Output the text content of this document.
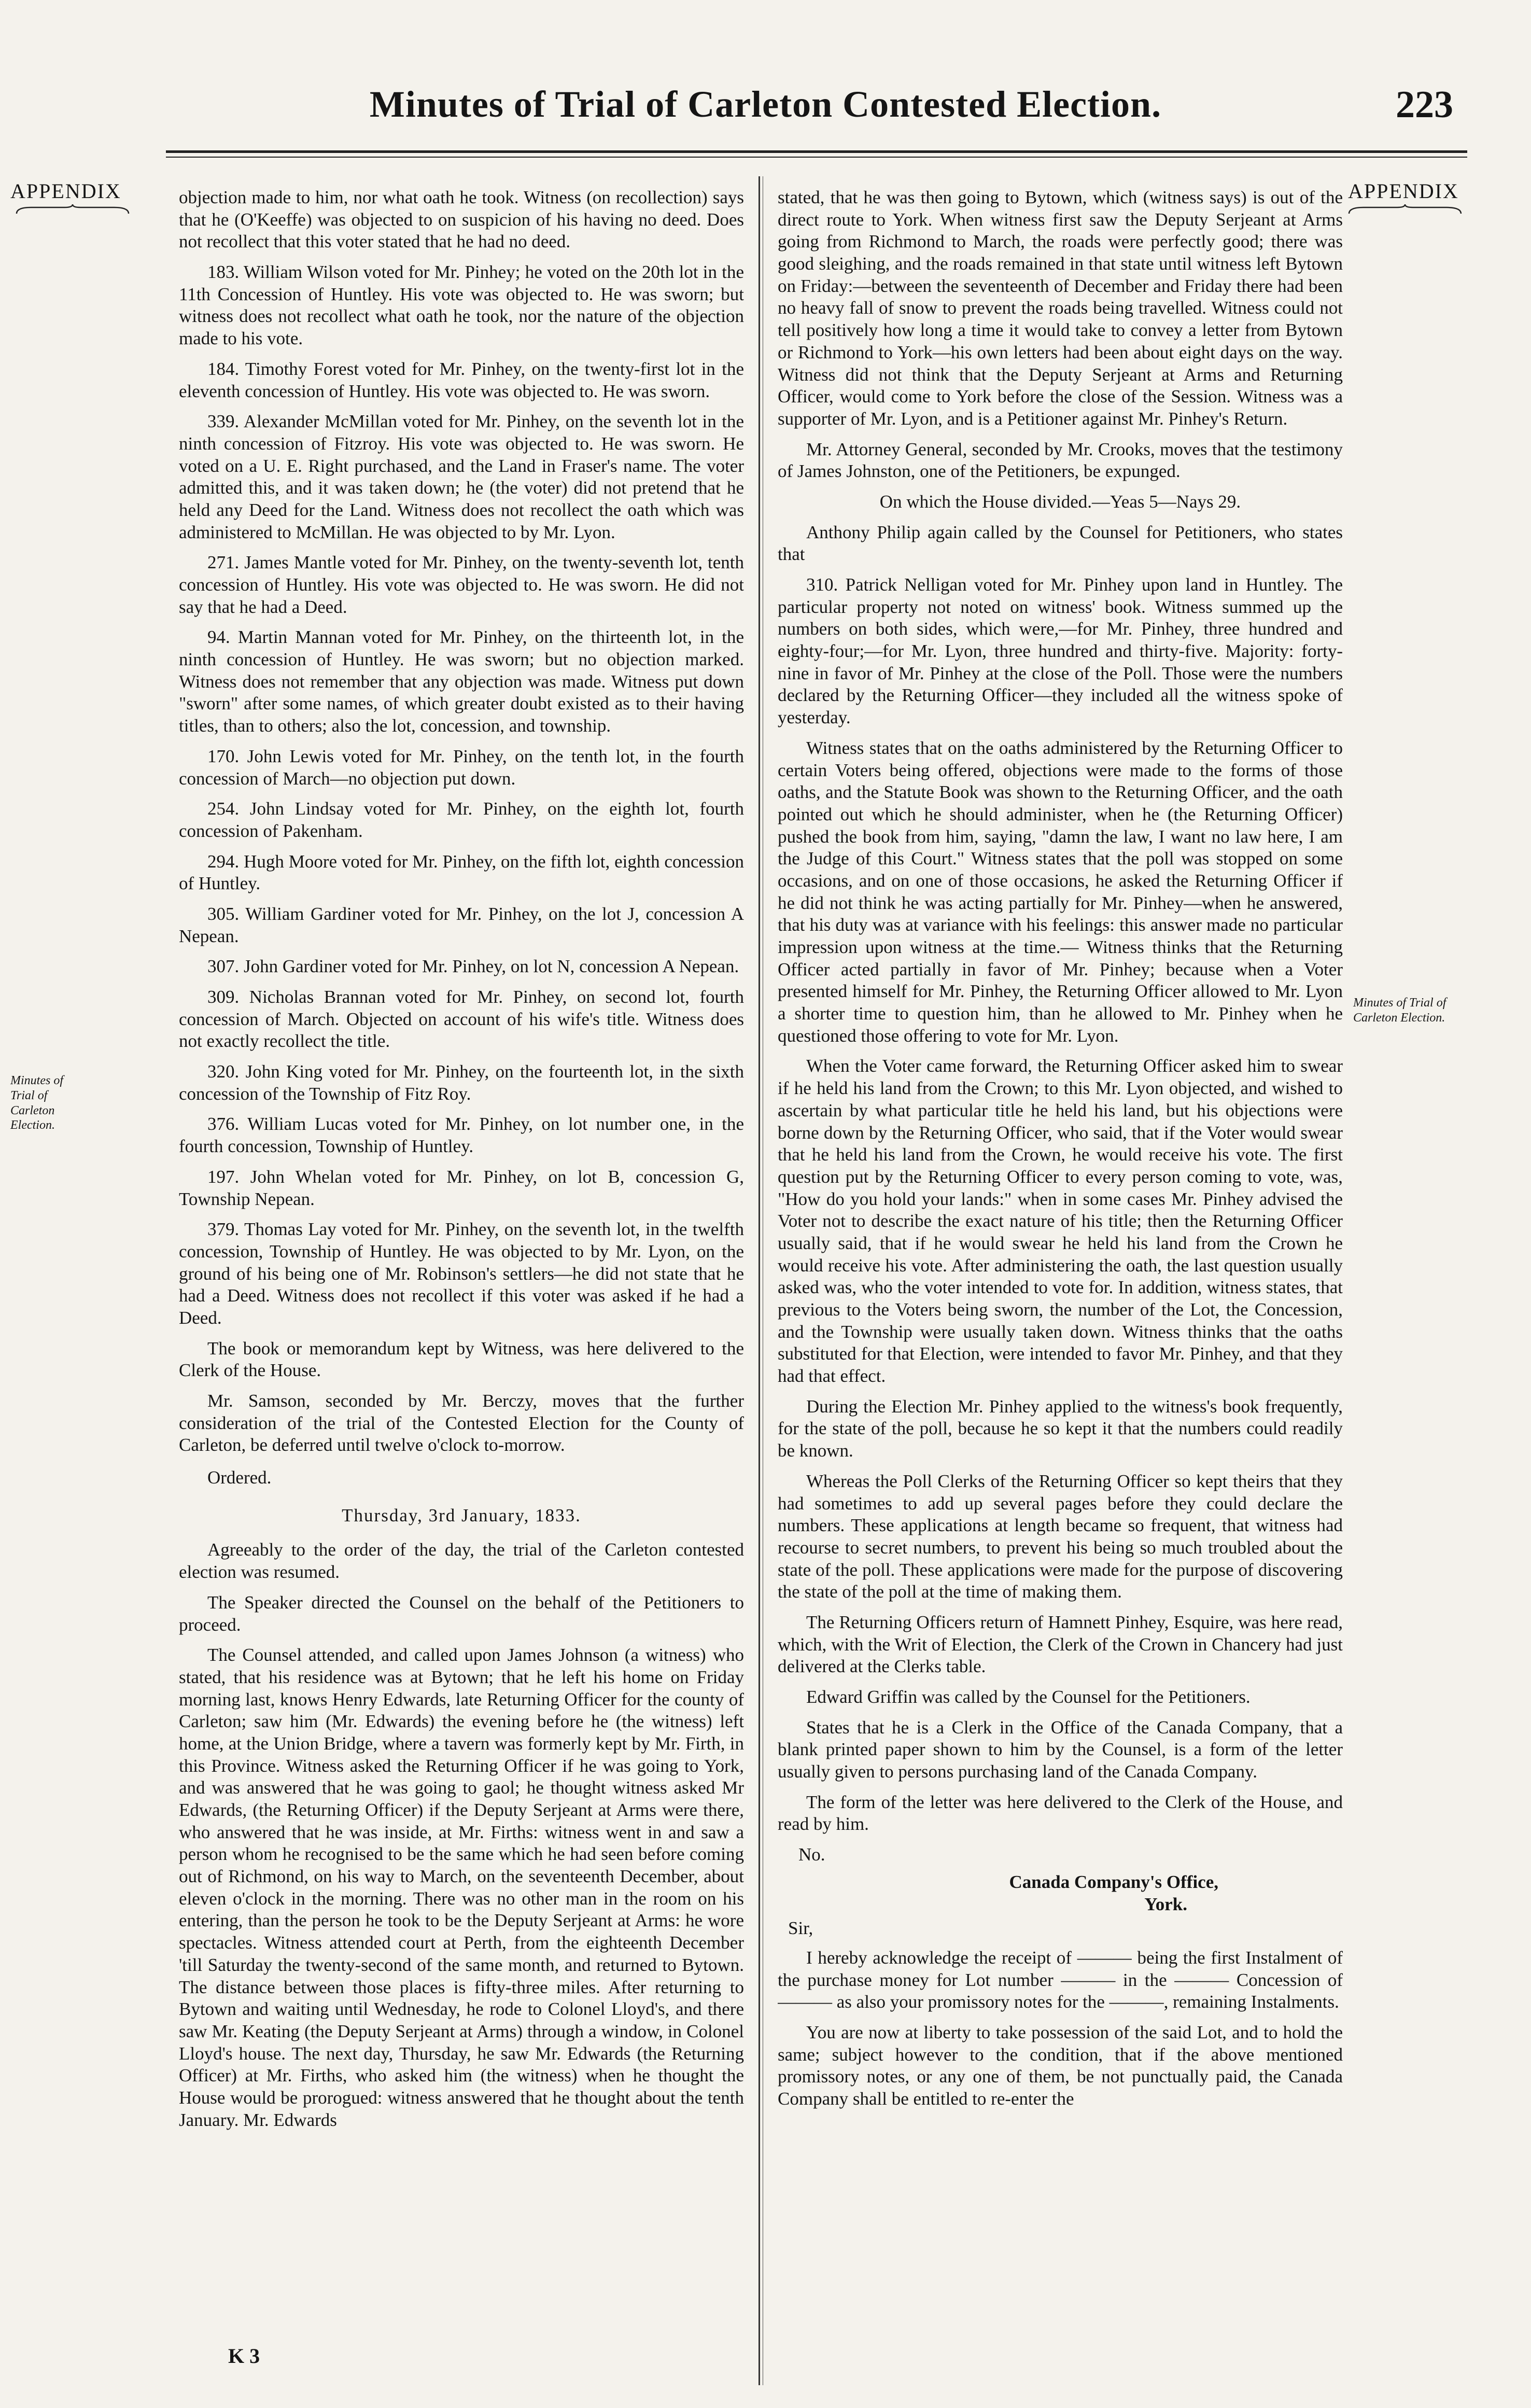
Minutes of Trial of Carleton Contested Election.	223
APPENDIX	APPENDIX
Minutes of Trial of Carleton Election.
Minutes of Trial of Carleton Election.

objection made to him, nor what oath he took. Witness (on recollection) says that he (O'Keeffe) was objected to on suspicion of his having no deed. Does not recollect that this voter stated that he had no deed.

183. William Wilson voted for Mr. Pinhey; he voted on the 20th lot in the 11th Concession of Huntley. His vote was objected to. He was sworn; but witness does not recollect what oath he took, nor the nature of the objection made to his vote.

184. Timothy Forest voted for Mr. Pinhey, on the twenty-first lot in the eleventh concession of Huntley. His vote was objected to. He was sworn.

339. Alexander McMillan voted for Mr. Pinhey, on the seventh lot in the ninth concession of Fitzroy. His vote was objected to. He was sworn. He voted on a U. E. Right purchased, and the Land in Fraser's name. The voter admitted this, and it was taken down; he (the voter) did not pretend that he held any Deed for the Land. Witness does not recollect the oath which was administered to McMillan. He was objected to by Mr. Lyon.

271. James Mantle voted for Mr. Pinhey, on the twenty-seventh lot, tenth concession of Huntley. His vote was objected to. He was sworn. He did not say that he had a Deed.

94. Martin Mannan voted for Mr. Pinhey, on the thirteenth lot, in the ninth concession of Huntley. He was sworn; but no objection marked. Witness does not remember that any objection was made. Witness put down "sworn" after some names, of which greater doubt existed as to their having titles, than to others; also the lot, concession, and township.

170. John Lewis voted for Mr. Pinhey, on the tenth lot, in the fourth concession of March—no objection put down.

254. John Lindsay voted for Mr. Pinhey, on the eighth lot, fourth concession of Pakenham.

294. Hugh Moore voted for Mr. Pinhey, on the fifth lot, eighth concession of Huntley.

305. William Gardiner voted for Mr. Pinhey, on the lot J, concession A Nepean.

307. John Gardiner voted for Mr. Pinhey, on lot N, concession A Nepean.

309. Nicholas Brannan voted for Mr. Pinhey, on second lot, fourth concession of March. Objected on account of his wife's title. Witness does not exactly recollect the title.

320. John King voted for Mr. Pinhey, on the fourteenth lot, in the sixth concession of the Township of Fitz Roy.

376. William Lucas voted for Mr. Pinhey, on lot number one, in the fourth concession, Township of Huntley.

197. John Whelan voted for Mr. Pinhey, on lot B, concession G, Township Nepean.

379. Thomas Lay voted for Mr. Pinhey, on the seventh lot, in the twelfth concession, Township of Huntley. He was objected to by Mr. Lyon, on the ground of his being one of Mr. Robinson's settlers—he did not state that he had a Deed. Witness does not recollect if this voter was asked if he had a Deed.

The book or memorandum kept by Witness, was here delivered to the Clerk of the House.

Mr. Samson, seconded by Mr. Berczy, moves that the further consideration of the trial of the Contested Election for the County of Carleton, be deferred until twelve o'clock to-morrow.

Ordered.

Thursday, 3rd January, 1833.

Agreeably to the order of the day, the trial of the Carleton contested election was resumed.

The Speaker directed the Counsel on the behalf of the Petitioners to proceed.

The Counsel attended, and called upon James Johnson (a witness) who stated, that his residence was at Bytown; that he left his home on Friday morning last, knows Henry Edwards, late Returning Officer for the county of Carleton; saw him (Mr. Edwards) the evening before he (the witness) left home, at the Union Bridge, where a tavern was formerly kept by Mr. Firth, in this Province. Witness asked the Returning Officer if he was going to York, and was answered that he was going to gaol; he thought witness asked Mr Edwards, (the Returning Officer) if the Deputy Serjeant at Arms were there, who answered that he was inside, at Mr. Firths: witness went in and saw a person whom he recognised to be the same which he had seen before coming out of Richmond, on his way to March, on the seventeenth December, about eleven o'clock in the morning. There was no other man in the room on his entering, than the person he took to be the Deputy Serjeant at Arms: he wore spectacles. Witness attended court at Perth, from the eighteenth December 'till Saturday the twenty-second of the same month, and returned to Bytown. The distance between those places is fifty-three miles. After returning to Bytown and waiting until Wednesday, he rode to Colonel Lloyd's, and there saw Mr. Keating (the Deputy Serjeant at Arms) through a window, in Colonel Lloyd's house. The next day, Thursday, he saw Mr. Edwards (the Returning Officer) at Mr. Firths, who asked him (the witness) when he thought the House would be prorogued: witness answered that he thought about the tenth January. Mr. Edwards

stated, that he was then going to Bytown, which (witness says) is out of the direct route to York. When witness first saw the Deputy Serjeant at Arms going from Richmond to March, the roads were perfectly good; there was good sleighing, and the roads remained in that state until witness left Bytown on Friday:—between the seventeenth of December and Friday there had been no heavy fall of snow to prevent the roads being travelled. Witness could not tell positively how long a time it would take to convey a letter from Bytown or Richmond to York—his own letters had been about eight days on the way. Witness did not think that the Deputy Serjeant at Arms and Returning Officer, would come to York before the close of the Session. Witness was a supporter of Mr. Lyon, and is a Petitioner against Mr. Pinhey's Return.

Mr. Attorney General, seconded by Mr. Crooks, moves that the testimony of James Johnston, one of the Petitioners, be expunged.

On which the House divided.—Yeas 5—Nays 29.

Anthony Philip again called by the Counsel for Petitioners, who states that

310. Patrick Nelligan voted for Mr. Pinhey upon land in Huntley. The particular property not noted on witness' book. Witness summed up the numbers on both sides, which were,—for Mr. Pinhey, three hundred and eighty-four;—for Mr. Lyon, three hundred and thirty-five. Majority: forty-nine in favor of Mr. Pinhey at the close of the Poll. Those were the numbers declared by the Returning Officer—they included all the witness spoke of yesterday.

Witness states that on the oaths administered by the Returning Officer to certain Voters being offered, objections were made to the forms of those oaths, and the Statute Book was shown to the Returning Officer, and the oath pointed out which he should administer, when he (the Returning Officer) pushed the book from him, saying, "damn the law, I want no law here, I am the Judge of this Court." Witness states that the poll was stopped on some occasions, and on one of those occasions, he asked the Returning Officer if he did not think he was acting partially for Mr. Pinhey—when he answered, that his duty was at variance with his feelings: this answer made no particular impression upon witness at the time.— Witness thinks that the Returning Officer acted partially in favor of Mr. Pinhey; because when a Voter presented himself for Mr. Pinhey, the Returning Officer allowed to Mr. Lyon a shorter time to question him, than he allowed to Mr. Pinhey when he questioned those offering to vote for Mr. Lyon.

When the Voter came forward, the Returning Officer asked him to swear if he held his land from the Crown; to this Mr. Lyon objected, and wished to ascertain by what particular title he held his land, but his objections were borne down by the Returning Officer, who said, that if the Voter would swear that he held his land from the Crown, he would receive his vote. The first question put by the Returning Officer to every person coming to vote, was, "How do you hold your lands:" when in some cases Mr. Pinhey advised the Voter not to describe the exact nature of his title; then the Returning Officer usually said, that if he would swear he held his land from the Crown he would receive his vote. After administering the oath, the last question usually asked was, who the voter intended to vote for. In addition, witness states, that previous to the Voters being sworn, the number of the Lot, the Concession, and the Township were usually taken down. Witness thinks that the oaths substituted for that Election, were intended to favor Mr. Pinhey, and that they had that effect.

During the Election Mr. Pinhey applied to the witness's book frequently, for the state of the poll, because he so kept it that the numbers could readily be known.

Whereas the Poll Clerks of the Returning Officer so kept theirs that they had sometimes to add up several pages before they could declare the numbers. These applications at length became so frequent, that witness had recourse to secret numbers, to prevent his being so much troubled about the state of the poll. These applications were made for the purpose of discovering the state of the poll at the time of making them.

The Returning Officers return of Hamnett Pinhey, Esquire, was here read, which, with the Writ of Election, the Clerk of the Crown in Chancery had just delivered at the Clerks table.

Edward Griffin was called by the Counsel for the Petitioners.

States that he is a Clerk in the Office of the Canada Company, that a blank printed paper shown to him by the Counsel, is a form of the letter usually given to persons purchasing land of the Canada Company.

The form of the letter was here delivered to the Clerk of the House, and read by him.

No.

Canada Company's Office,

York.

Sir,

I hereby acknowledge the receipt of ——— being the first Instalment of the purchase money for Lot number ——— in the ——— Concession of ——— as also your promissory notes for the ———, remaining Instalments.

You are now at liberty to take possession of the said Lot, and to hold the same; subject however to the condition, that if the above mentioned promissory notes, or any one of them, be not punctually paid, the Canada Company shall be entitled to re-enter the

K 3
